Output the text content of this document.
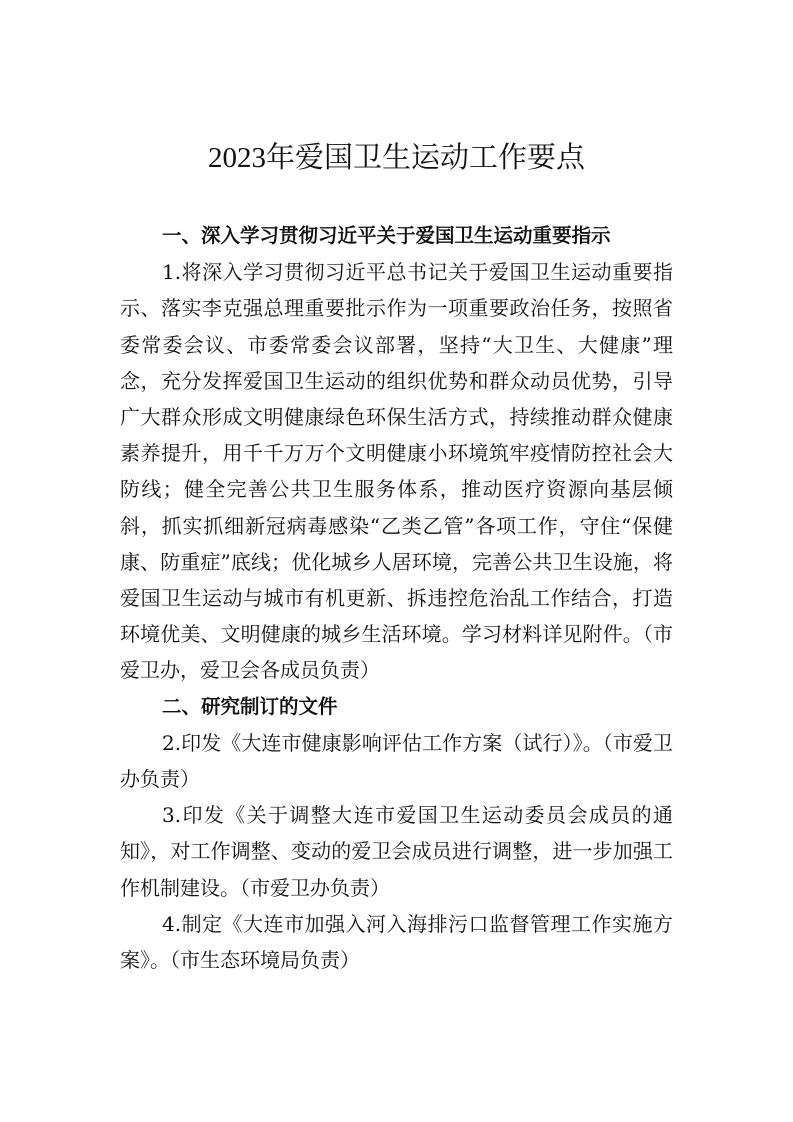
2023年爱国卫生运动工作要点

一、深入学习贯彻习近平关于爱国卫生运动重要指示

1.将深入学习贯彻习近平总书记关于爱国卫生运动重要指示、落实李克强总理重要批示作为一项重要政治任务，按照省委常委会议、市委常委会议部署，坚持“大卫生、大健康”理念，充分发挥爱国卫生运动的组织优势和群众动员优势，引导广大群众形成文明健康绿色环保生活方式，持续推动群众健康素养提升，用千千万万个文明健康小环境筑牢疫情防控社会大防线；健全完善公共卫生服务体系，推动医疗资源向基层倾斜，抓实抓细新冠病毒感染“乙类乙管”各项工作，守住“保健康、防重症”底线；优化城乡人居环境，完善公共卫生设施，将爱国卫生运动与城市有机更新、拆违控危治乱工作结合，打造环境优美、文明健康的城乡生活环境。学习材料详见附件。（市爱卫办，爱卫会各成员负责）

二、研究制订的文件

2.印发《大连市健康影响评估工作方案（试行）》。（市爱卫办负责）

3.印发《关于调整大连市爱国卫生运动委员会成员的通知》，对工作调整、变动的爱卫会成员进行调整，进一步加强工作机制建设。（市爱卫办负责）

4.制定《大连市加强入河入海排污口监督管理工作实施方案》。（市生态环境局负责）
